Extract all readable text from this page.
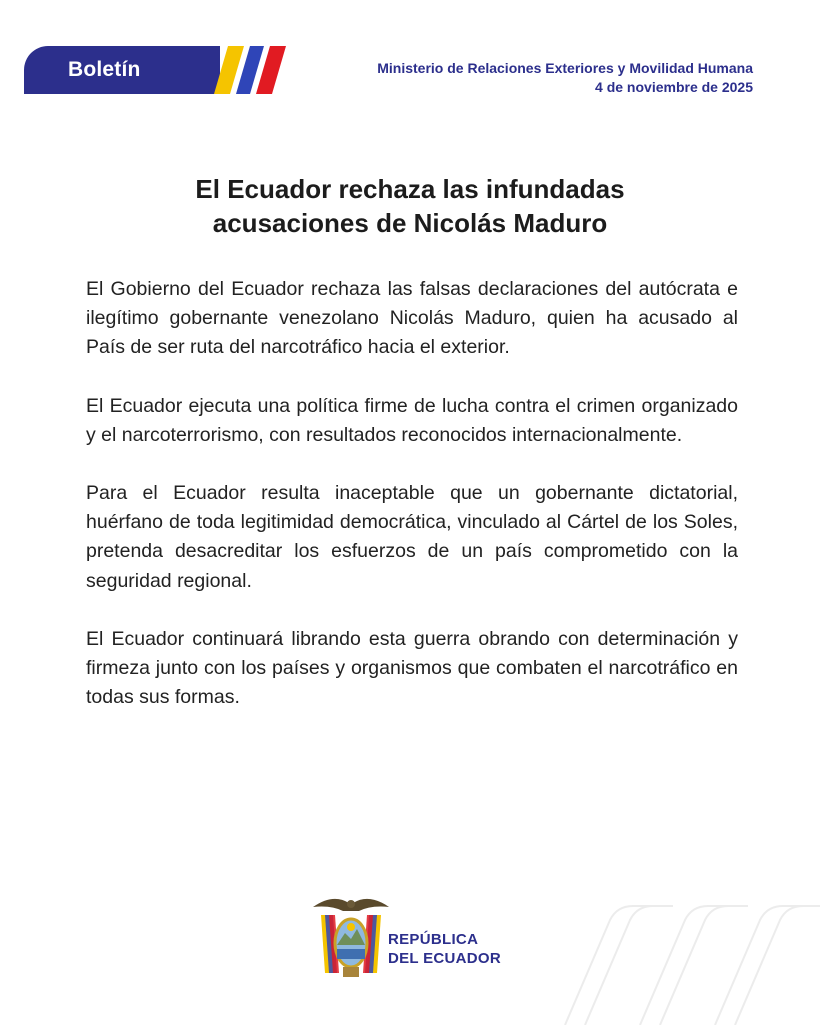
Boletín	Ministerio de Relaciones Exteriores y Movilidad Humana
4 de noviembre de 2025
El Ecuador rechaza las infundadas
acusaciones de Nicolás Maduro

El Gobierno del Ecuador rechaza las falsas declaraciones del autócrata e ilegítimo gobernante venezolano Nicolás Maduro, quien ha acusado al País de ser ruta del narcotráfico hacia el exterior.

El Ecuador ejecuta una política firme de lucha contra el crimen organizado y el narcoterrorismo, con resultados reconocidos internacionalmente.

Para el Ecuador resulta inaceptable que un gobernante dictatorial, huérfano de toda legitimidad democrática, vinculado al Cártel de los Soles, pretenda desacreditar los esfuerzos de un país comprometido con la seguridad regional.

El Ecuador continuará librando esta guerra obrando con determinación y firmeza junto con los países y organismos que combaten el narcotráfico en todas sus formas.

REPÚBLICA
DEL ECUADOR
